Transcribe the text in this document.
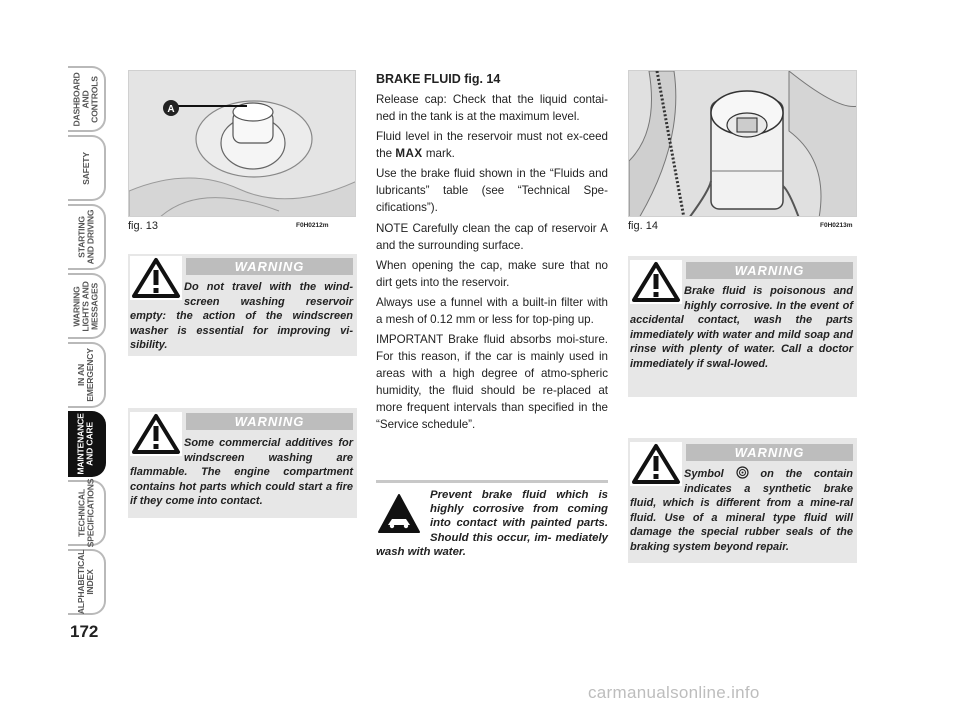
DASHBOARD
AND
CONTROLS
SAFETY
STARTING
AND DRIVING
WARNING
LIGHTS AND
MESSAGES
IN AN
EMERGENCY
MAINTENANCE
AND CARE
TECHNICAL
SPECIFICATIONS
ALPHABETICAL
INDEX
172
A
fig. 13	F0H0212m
WARNING
Do not travel with the wind-screen washing reservoir empty: the action of the windscreen washer is essential for improving vi-sibility.
WARNING
Some commercial additives for windscreen washing are flammable. The engine compartment contains hot parts which could start a fire if they come into contact.
BRAKE FLUID fig. 14

Release cap: Check that the liquid contai-ned in the tank is at the maximum level.

Fluid level in the reservoir must not ex-ceed the MAX mark.

Use the brake fluid shown in the “Fluids and lubricants” table (see “Technical Spe-cifications”).

NOTE Carefully clean the cap of reservoir A and the surrounding surface.

When opening the cap, make sure that no dirt gets into the reservoir.

Always use a funnel with a built-in filter with a mesh of 0.12 mm or less for top-ping up.

IMPORTANT Brake fluid absorbs moi-sture. For this reason, if the car is mainly used in areas with a high degree of atmo-spheric humidity, the fluid should be re-placed at more frequent intervals than specified in the “Service schedule”.

Prevent brake fluid which is highly corrosive from coming into contact with painted parts. Should this occur, im- mediately wash with water.
fig. 14	F0H0213m
WARNING
Brake fluid is poisonous and highly corrosive. In the event of accidental contact, wash the parts immediately with water and mild soap and rinse with plenty of water. Call a doctor immediately if swal-lowed.
WARNING
Symbol	on the contain indicates a synthetic brake fluid, which is different from a mine-ral fluid. Use of a mineral type fluid will damage the special rubber seals of the braking system beyond repair.
carmanualsonline.info
